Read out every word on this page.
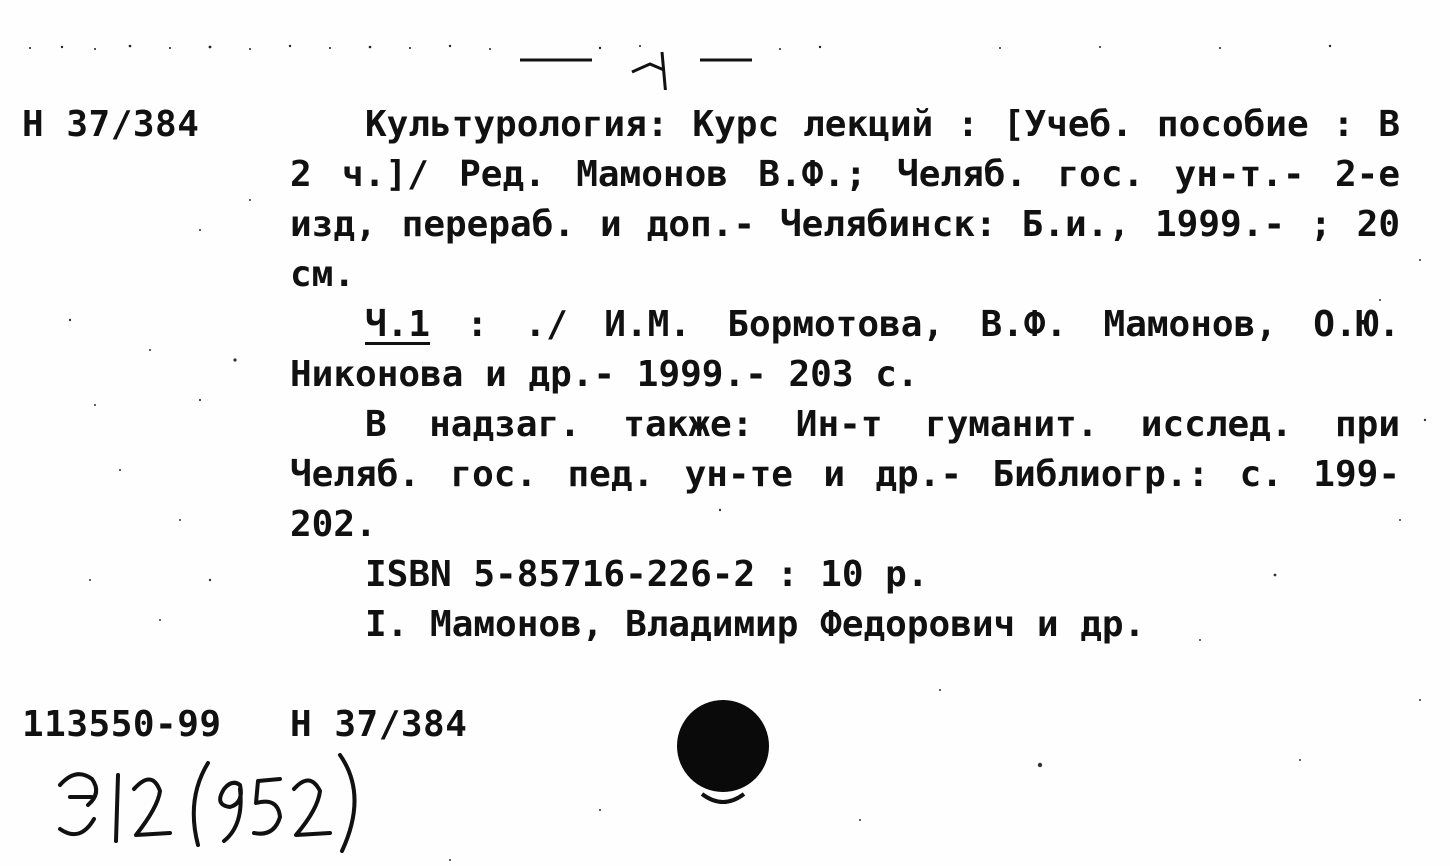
Н 37/384	Культурология: Курс лекций : [Учеб. пособие : В 2 ч.]/ Ред. Мамонов В.Ф.; Челяб. гос. ун-т.- 2-е изд, перераб. и доп.- Челябинск: Б.и., 1999.- ; 20 см.

Ч.1 : ./ И.М. Бормотова, В.Ф. Мамонов, О.Ю. Никонова и др.- 1999.- 203 с.

В надзаг. также: Ин-т гуманит. исслед. при Челяб. гос. пед. ун-те и др.- Библиогр.: с. 199- 202.

ISBN 5-85716-226-2 : 10 р.

I. Мамонов, Владимир Федорович и др.

113550-99 Н 37/384
